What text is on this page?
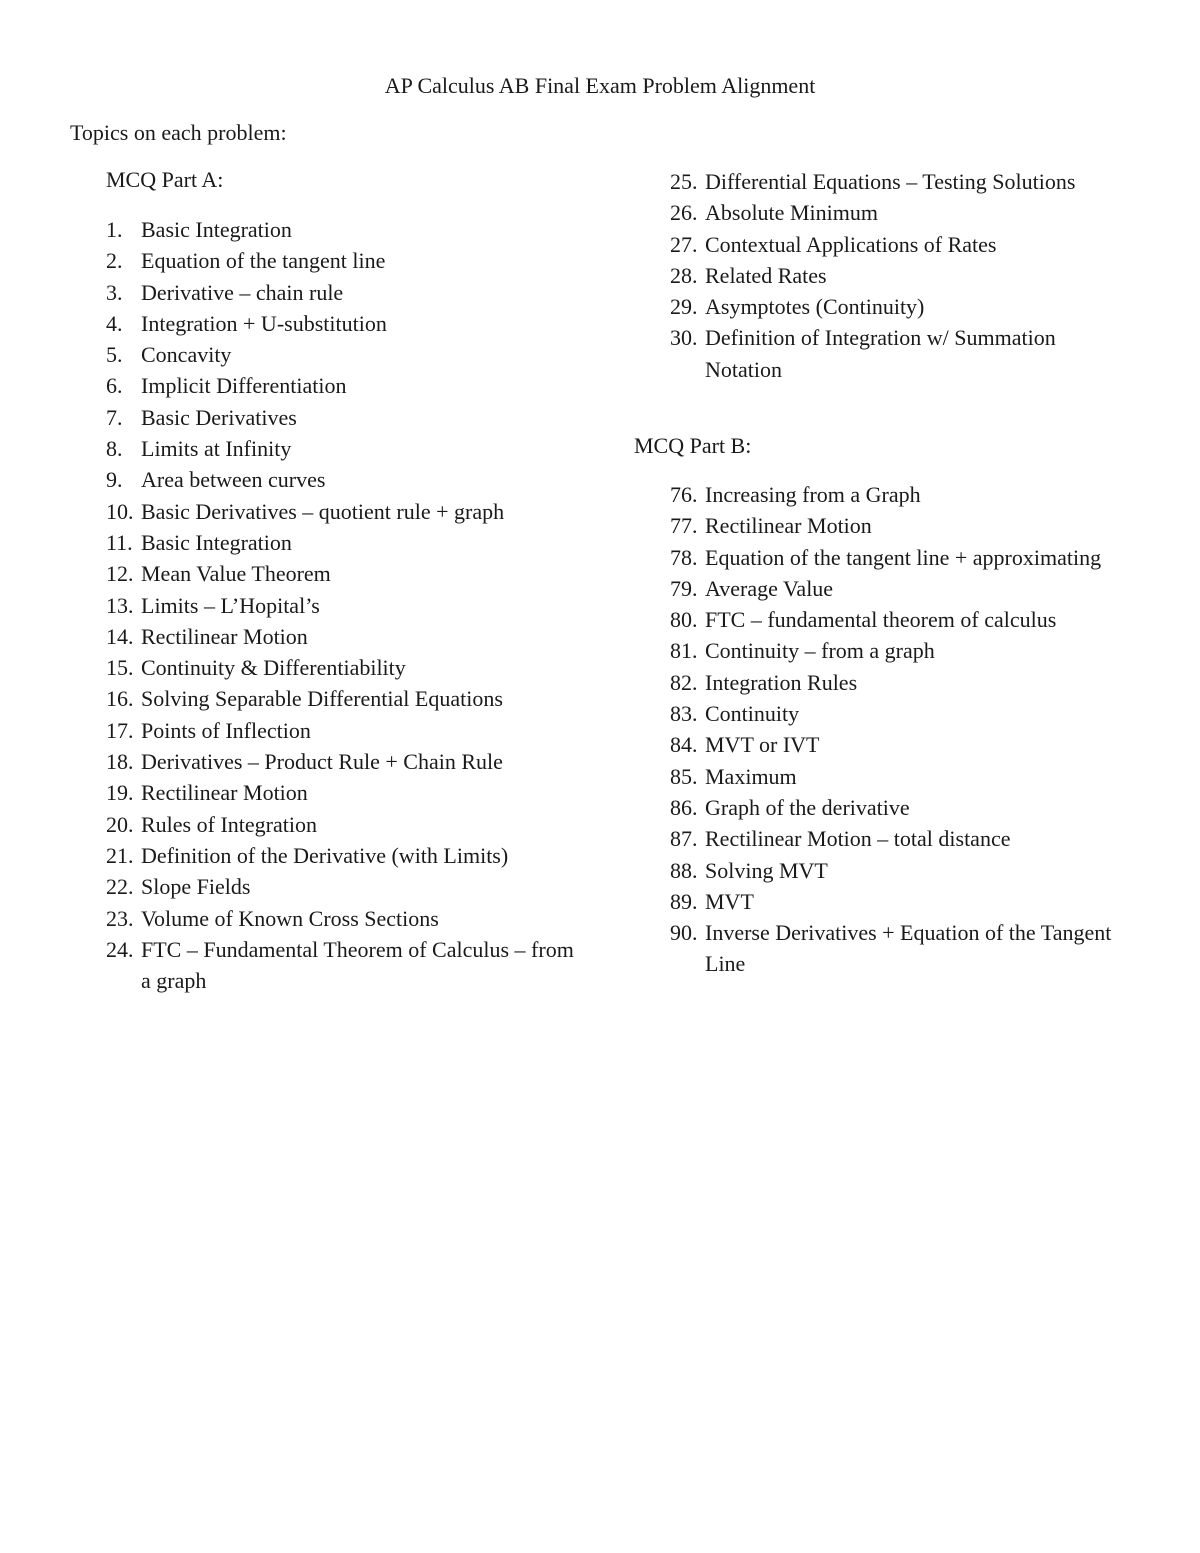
AP Calculus AB Final Exam Problem Alignment
Topics on each problem:
MCQ Part A:
1. Basic Integration
2. Equation of the tangent line
3. Derivative – chain rule
4. Integration + U-substitution
5. Concavity
6. Implicit Differentiation
7. Basic Derivatives
8. Limits at Infinity
9. Area between curves
10. Basic Derivatives – quotient rule + graph
11. Basic Integration
12. Mean Value Theorem
13. Limits – L’Hopital’s
14. Rectilinear Motion
15. Continuity & Differentiability
16. Solving Separable Differential Equations
17. Points of Inflection
18. Derivatives – Product Rule + Chain Rule
19. Rectilinear Motion
20. Rules of Integration
21. Definition of the Derivative (with Limits)
22. Slope Fields
23. Volume of Known Cross Sections
24. FTC – Fundamental Theorem of Calculus – from a graph
25. Differential Equations – Testing Solutions
26. Absolute Minimum
27. Contextual Applications of Rates
28. Related Rates
29. Asymptotes (Continuity)
30. Definition of Integration w/ Summation Notation
MCQ Part B:
76. Increasing from a Graph
77. Rectilinear Motion
78. Equation of the tangent line + approximating
79. Average Value
80. FTC – fundamental theorem of calculus
81. Continuity – from a graph
82. Integration Rules
83. Continuity
84. MVT or IVT
85. Maximum
86. Graph of the derivative
87. Rectilinear Motion – total distance
88. Solving MVT
89. MVT
90. Inverse Derivatives + Equation of the Tangent Line
